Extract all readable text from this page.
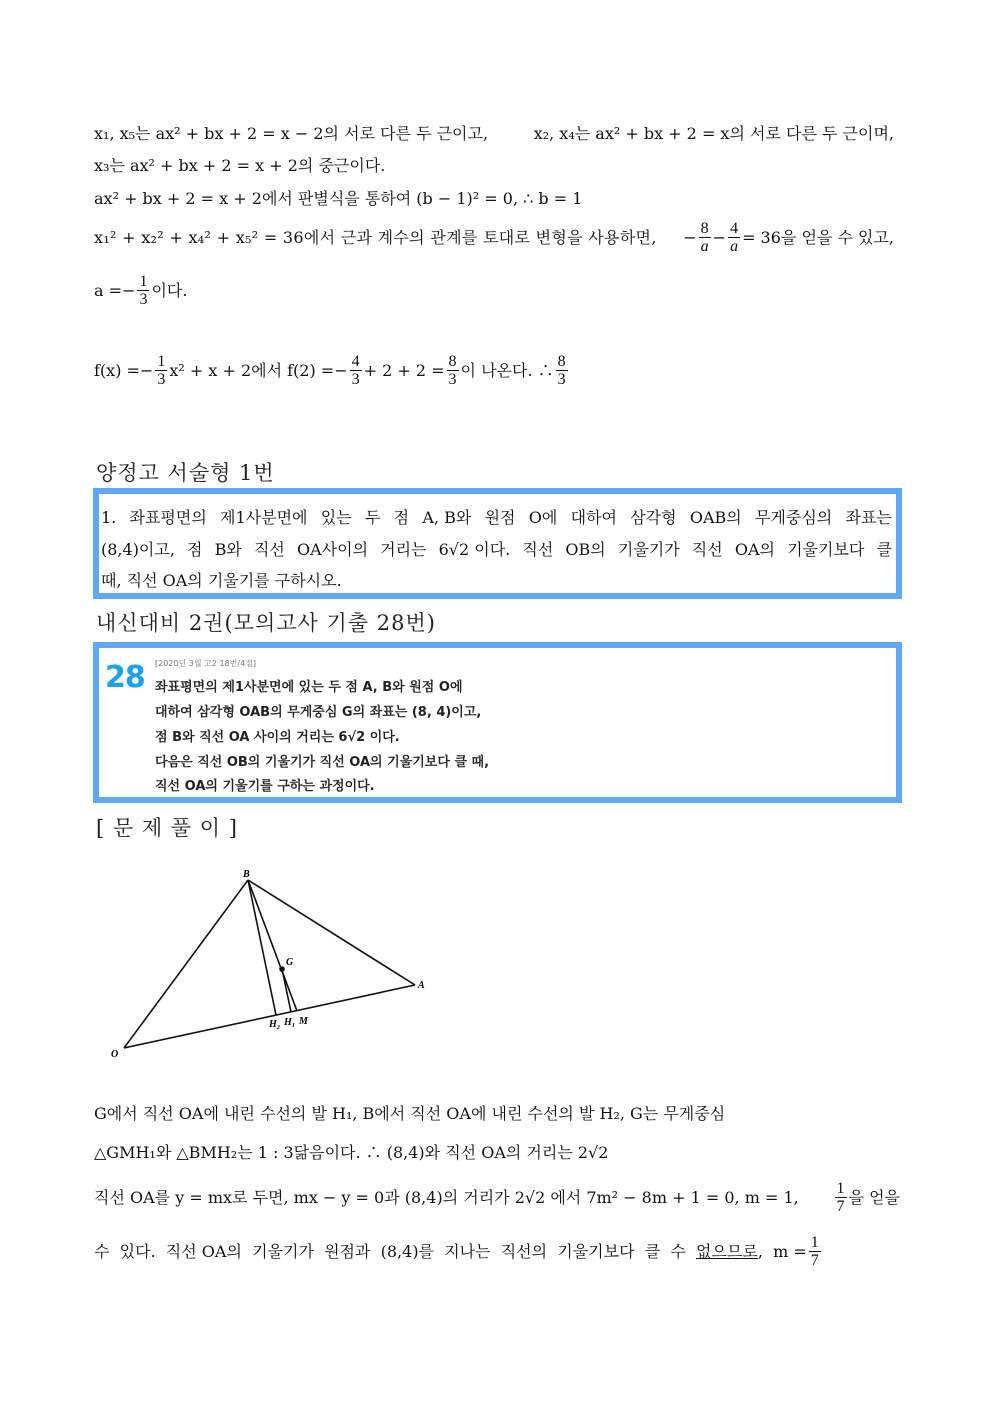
x₁, x₅는 ax² + bx + 2 = x − 2의 서로 다른 두 근이고,	x₂, x₄는 ax² + bx + 2 = x의 서로 다른 두 근이며,
x₃는 ax² + bx + 2 = x + 2의 중근이다.
ax² + bx + 2 = x + 2에서 판별식을 통하여 (b − 1)² = 0, ∴ b = 1
x₁² + x₂² + x₄² + x₅² = 36에서 근과 계수의 관계를 토대로 변형을 사용하면,	− $\frac{8}{a} - \frac{4}{a} = 36$을 얻을 수 있고,
$a =- \frac{1}{3}$ 이다.
$f(x) =- \frac{1}{3} x^2 + x + 2$에서 $f(2) =- \frac{4}{3} + 2 + 2 = \frac{8}{3}$ 이 나온다. ∴ $\frac{8}{3}$
양정고 서술형 1번
1. 좌표평면의 제1사분면에 있는 두 점 A, B와 원점 O에 대하여 삼각형 OAB의 무게중심의 좌표는
(8,4)이고, 점 B와 직선 OA사이의 거리는 6√2 이다. 직선 OB의 기울기가 직선 OA의 기울기보다 클
때, 직선 OA의 기울기를 구하시오.
내신대비 2권(모의고사 기출 28번)
28 [2020년 3월 고2 18번/4점]
좌표평면의 제1사분면에 있는 두 점 A, B와 원점 O에
대하여 삼각형 OAB의 무게중심 G의 좌표는 (8, 4)이고,
점 B와 직선 OA 사이의 거리는 6√2 이다.
다음은 직선 OB의 기울기가 직선 OA의 기울기보다 클 때,
직선 OA의 기울기를 구하는 과정이다.
[ 문 제 풀 이 ]
B
O
A
G
H₂ H₁ M
G에서 직선 OA에 내린 수선의 발 H₁, B에서 직선 OA에 내린 수선의 발 H₂, G는 무게중심
△GMH₁와 △BMH₂는 1 : 3닮음이다. ∴ (8,4)와 직선 OA의 거리는 2√2
직선 OA를 y = mx로 두면, mx − y = 0과 (8,4)의 거리가 2√2 에서 7m² − 8m + 1 = 0, m = 1,	$\frac{1}{7}$ 을 얻을
수  있다.  직선 OA의  기울기가  원점과  (8,4)를  지나는  직선의  기울기보다  클  수 없으므로 ,  $m = \frac{1}{7}$
